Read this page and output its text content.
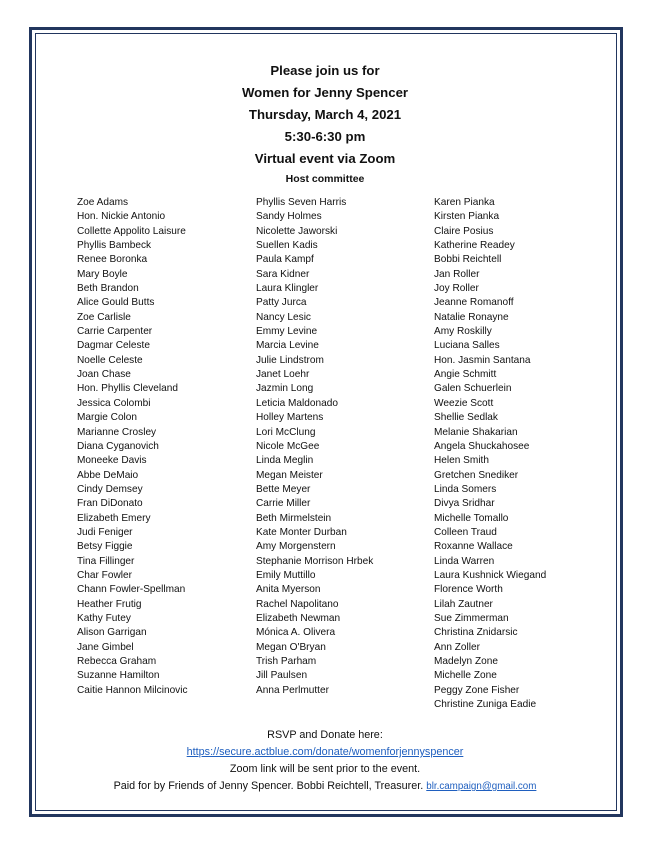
Please join us for
Women for Jenny Spencer
Thursday, March 4, 2021
5:30-6:30 pm
Virtual event via Zoom
Host committee
Zoe Adams
Hon. Nickie Antonio
Collette Appolito Laisure
Phyllis Bambeck
Renee Boronka
Mary Boyle
Beth Brandon
Alice Gould Butts
Zoe Carlisle
Carrie Carpenter
Dagmar Celeste
Noelle Celeste
Joan Chase
Hon. Phyllis Cleveland
Jessica Colombi
Margie Colon
Marianne Crosley
Diana Cyganovich
Moneeke Davis
Abbe DeMaio
Cindy Demsey
Fran DiDonato
Elizabeth Emery
Judi Feniger
Betsy Figgie
Tina Fillinger
Char Fowler
Chann Fowler-Spellman
Heather Frutig
Kathy Futey
Alison Garrigan
Jane Gimbel
Rebecca Graham
Suzanne Hamilton
Caitie Hannon Milcinovic
Phyllis Seven Harris
Sandy Holmes
Nicolette Jaworski
Suellen Kadis
Paula Kampf
Sara Kidner
Laura Klingler
Patty Jurca
Nancy Lesic
Emmy Levine
Marcia Levine
Julie Lindstrom
Janet Loehr
Jazmin Long
Leticia Maldonado
Holley Martens
Lori McClung
Nicole McGee
Linda Meglin
Megan Meister
Bette Meyer
Carrie Miller
Beth Mirmelstein
Kate Monter Durban
Amy Morgenstern
Stephanie Morrison Hrbek
Emily Muttillo
Anita Myerson
Rachel Napolitano
Elizabeth Newman
Mónica A. Olivera
Megan O'Bryan
Trish Parham
Jill Paulsen
Anna Perlmutter
Karen Pianka
Kirsten Pianka
Claire Posius
Katherine Readey
Bobbi Reichtell
Jan Roller
Joy Roller
Jeanne Romanoff
Natalie Ronayne
Amy Roskilly
Luciana Salles
Hon. Jasmin Santana
Angie Schmitt
Galen Schuerlein
Weezie Scott
Shellie Sedlak
Melanie Shakarian
Angela Shuckahosee
Helen Smith
Gretchen Snediker
Linda Somers
Divya Sridhar
Michelle Tomallo
Colleen Traud
Roxanne Wallace
Linda Warren
Laura Kushnick Wiegand
Florence Worth
Lilah Zautner
Sue Zimmerman
Christina Znidarsic
Ann Zoller
Madelyn Zone
Michelle Zone
Peggy Zone Fisher
Christine Zuniga Eadie
RSVP and Donate here:
https://secure.actblue.com/donate/womenforjennyspencer
Zoom link will be sent prior to the event.
Paid for by Friends of Jenny Spencer. Bobbi Reichtell, Treasurer. blr.campaign@gmail.com
